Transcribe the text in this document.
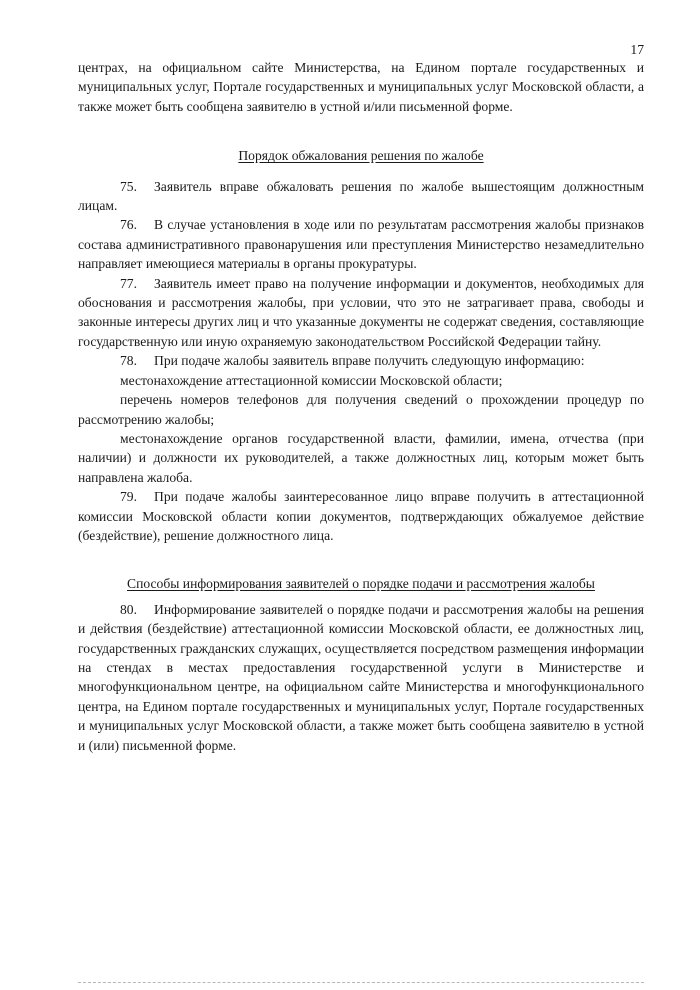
17

центрах, на официальном сайте Министерства, на Едином портале государственных и муниципальных услуг, Портале государственных и муниципальных услуг Московской области, а также может быть сообщена заявителю в устной и/или письменной форме.

Порядок обжалования решения по жалобе

75. Заявитель вправе обжаловать решения по жалобе вышестоящим должностным лицам.

76. В случае установления в ходе или по результатам рассмотрения жалобы признаков состава административного правонарушения или преступления Министерство незамедлительно направляет имеющиеся материалы в органы прокуратуры.

77. Заявитель имеет право на получение информации и документов, необходимых для обоснования и рассмотрения жалобы, при условии, что это не затрагивает права, свободы и законные интересы других лиц и что указанные документы не содержат сведения, составляющие государственную или иную охраняемую законодательством Российской Федерации тайну.

78. При подаче жалобы заявитель вправе получить следующую информацию:

местонахождение аттестационной комиссии Московской области;

перечень номеров телефонов для получения сведений о прохождении процедур по рассмотрению жалобы;

местонахождение органов государственной власти, фамилии, имена, отчества (при наличии) и должности их руководителей, а также должностных лиц, которым может быть направлена жалоба.

79. При подаче жалобы заинтересованное лицо вправе получить в аттестационной комиссии Московской области копии документов, подтверждающих обжалуемое действие (бездействие), решение должностного лица.

Способы информирования заявителей о порядке подачи и рассмотрения жалобы

80. Информирование заявителей о порядке подачи и рассмотрения жалобы на решения и действия (бездействие) аттестационной комиссии Московской области, ее должностных лиц, государственных гражданских служащих, осуществляется посредством размещения информации на стендах в местах предоставления государственной услуги в Министерстве и многофункциональном центре, на официальном сайте Министерства и многофункционального центра, на Едином портале государственных и муниципальных услуг, Портале государственных и муниципальных услуг Московской области, а также может быть сообщена заявителю в устной и (или) письменной форме.
